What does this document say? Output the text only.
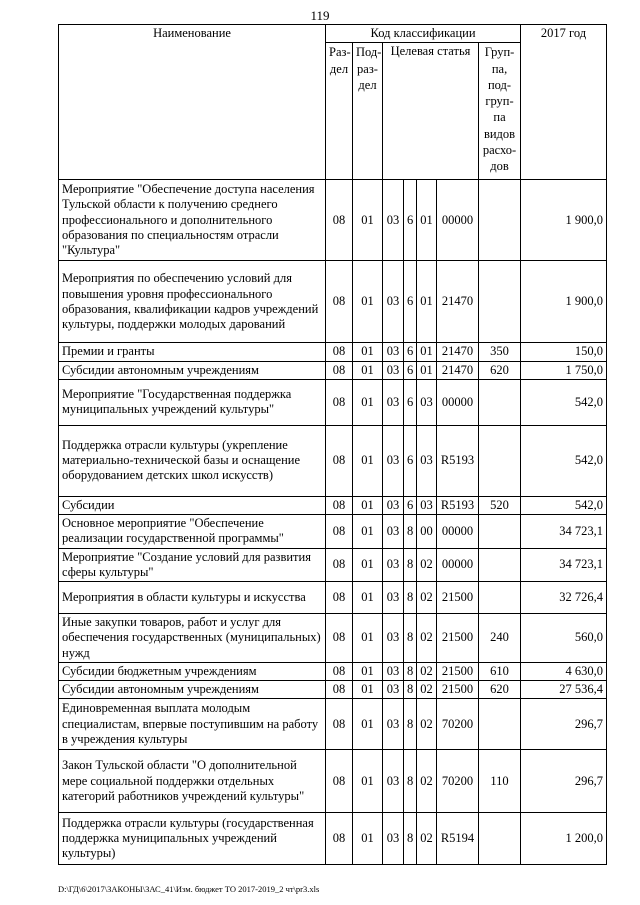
119
Наименование	Код классификации							2017 год
	Раз-дел	Под-раз-дел	Целевая статья				Груп-па, под-груп-па видов расхо-дов	
Мероприятие "Обеспечение доступа населения Тульской области к получению среднего профессионального и дополнительного образования по специальностям отрасли "Культура"	08	01	03	6	01	00000		1 900,0
Мероприятия по обеспечению условий для повышения уровня профессионального образования, квалификации кадров учреждений культуры, поддержки молодых дарований	08	01	03	6	01	21470		1 900,0
Премии и гранты	08	01	03	6	01	21470	350	150,0
Субсидии автономным учреждениям	08	01	03	6	01	21470	620	1 750,0
Мероприятие "Государственная поддержка муниципальных учреждений культуры"	08	01	03	6	03	00000		542,0
Поддержка отрасли культуры (укрепление материально-технической базы и оснащение оборудованием детских школ искусств)	08	01	03	6	03	R5193		542,0
Субсидии	08	01	03	6	03	R5193	520	542,0
Основное мероприятие "Обеспечение реализации государственной программы"	08	01	03	8	00	00000		34 723,1
Мероприятие "Создание условий для развития сферы культуры"	08	01	03	8	02	00000		34 723,1
Мероприятия в области культуры и искусства	08	01	03	8	02	21500		32 726,4
Иные закупки товаров, работ и услуг для обеспечения государственных (муниципальных) нужд	08	01	03	8	02	21500	240	560,0
Субсидии бюджетным учреждениям	08	01	03	8	02	21500	610	4 630,0
Субсидии автономным учреждениям	08	01	03	8	02	21500	620	27 536,4
Единовременная выплата молодым специалистам, впервые поступившим на работу в учреждения культуры	08	01	03	8	02	70200		296,7
Закон Тульской области "О дополнительной мере социальной поддержки отдельных категорий работников учреждений культуры"	08	01	03	8	02	70200	110	296,7
Поддержка отрасли культуры (государственная поддержка муниципальных учреждений культуры)	08	01	03	8	02	R5194		1 200,0
D:\ГД\6\2017\ЗАКОНЫ\ЗАС_41\Изм. бюджет ТО 2017-2019_2 чт\pr3.xls
